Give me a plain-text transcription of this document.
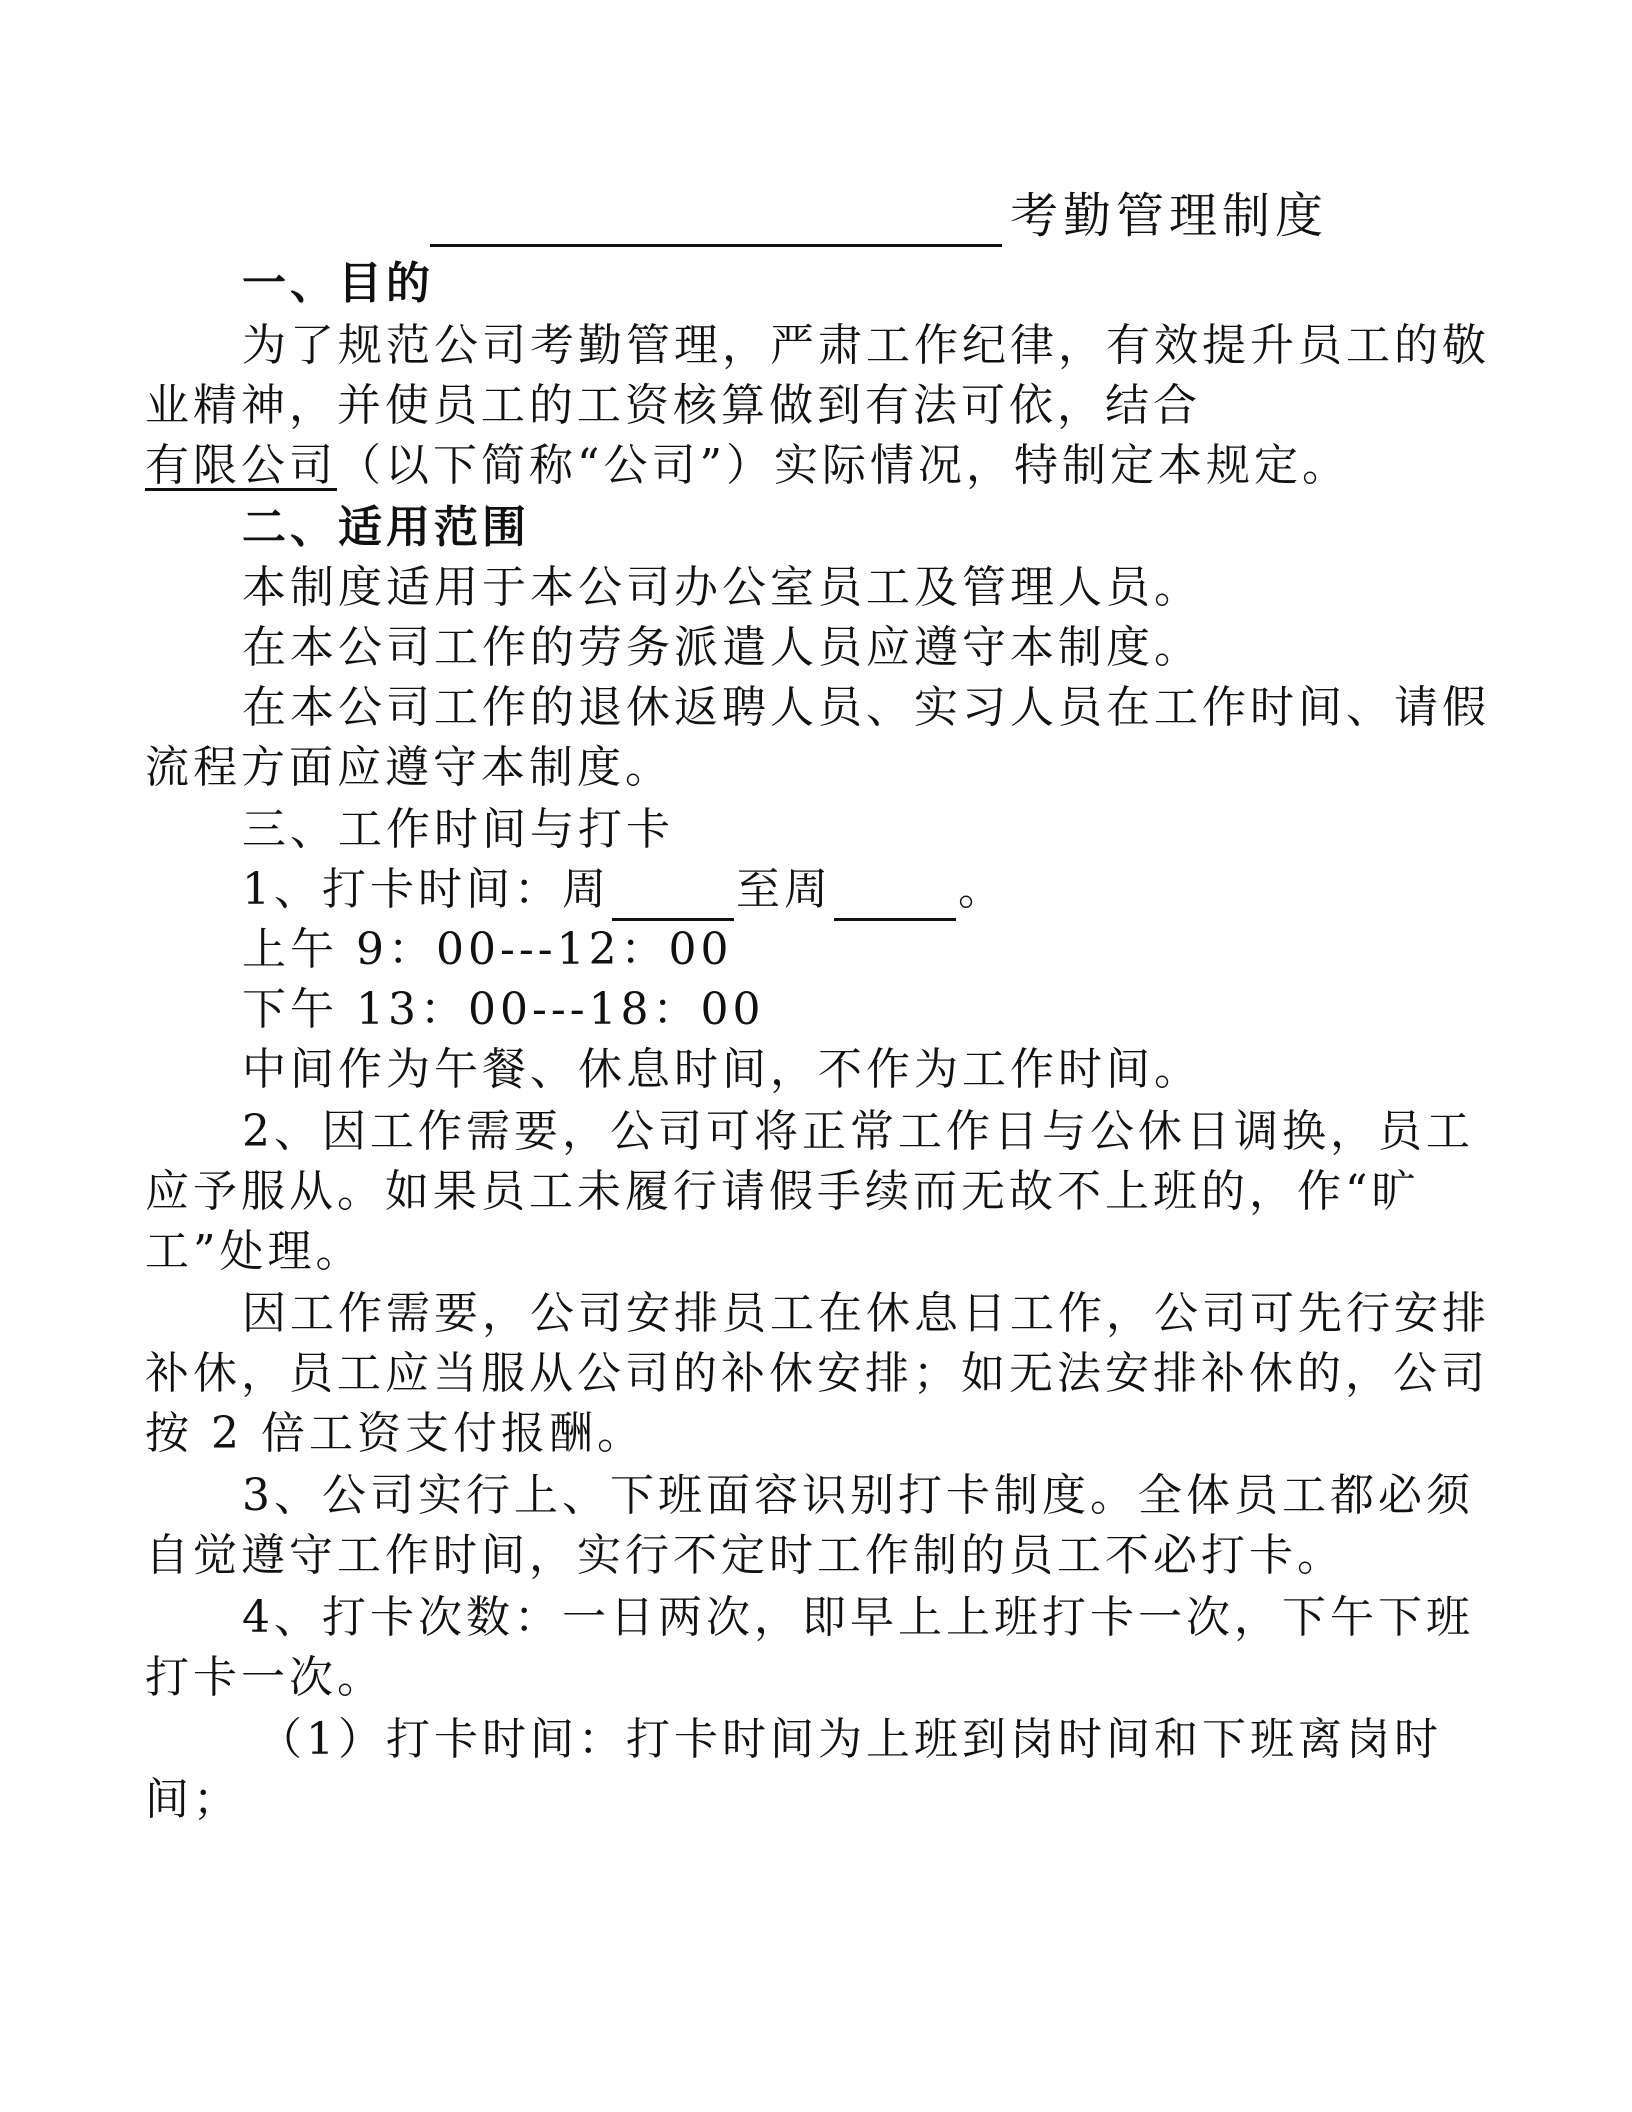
考勤管理制度
一、目的
为了规范公司考勤管理，严肃工作纪律，有效提升员工的敬
业精神，并使员工的工资核算做到有法可依，结合
有限公司（以下简称“公司”）实际情况，特制定本规定。
二、适用范围
本制度适用于本公司办公室员工及管理人员。
在本公司工作的劳务派遣人员应遵守本制度。
在本公司工作的退休返聘人员、实习人员在工作时间、请假
流程方面应遵守本制度。
三、工作时间与打卡
1、打卡时间：周	至周	。
上午 9：00---12：00
下午 13：00---18：00
中间作为午餐、休息时间，不作为工作时间。
2、因工作需要，公司可将正常工作日与公休日调换，员工
应予服从。如果员工未履行请假手续而无故不上班的，作“旷
工”处理。
因工作需要，公司安排员工在休息日工作，公司可先行安排
补休，员工应当服从公司的补休安排；如无法安排补休的，公司
按 2 倍工资支付报酬。
3、公司实行上、下班面容识别打卡制度。全体员工都必须
自觉遵守工作时间，实行不定时工作制的员工不必打卡。
4、打卡次数：一日两次，即早上上班打卡一次，下午下班
打卡一次。
（1）打卡时间：打卡时间为上班到岗时间和下班离岗时
间；
